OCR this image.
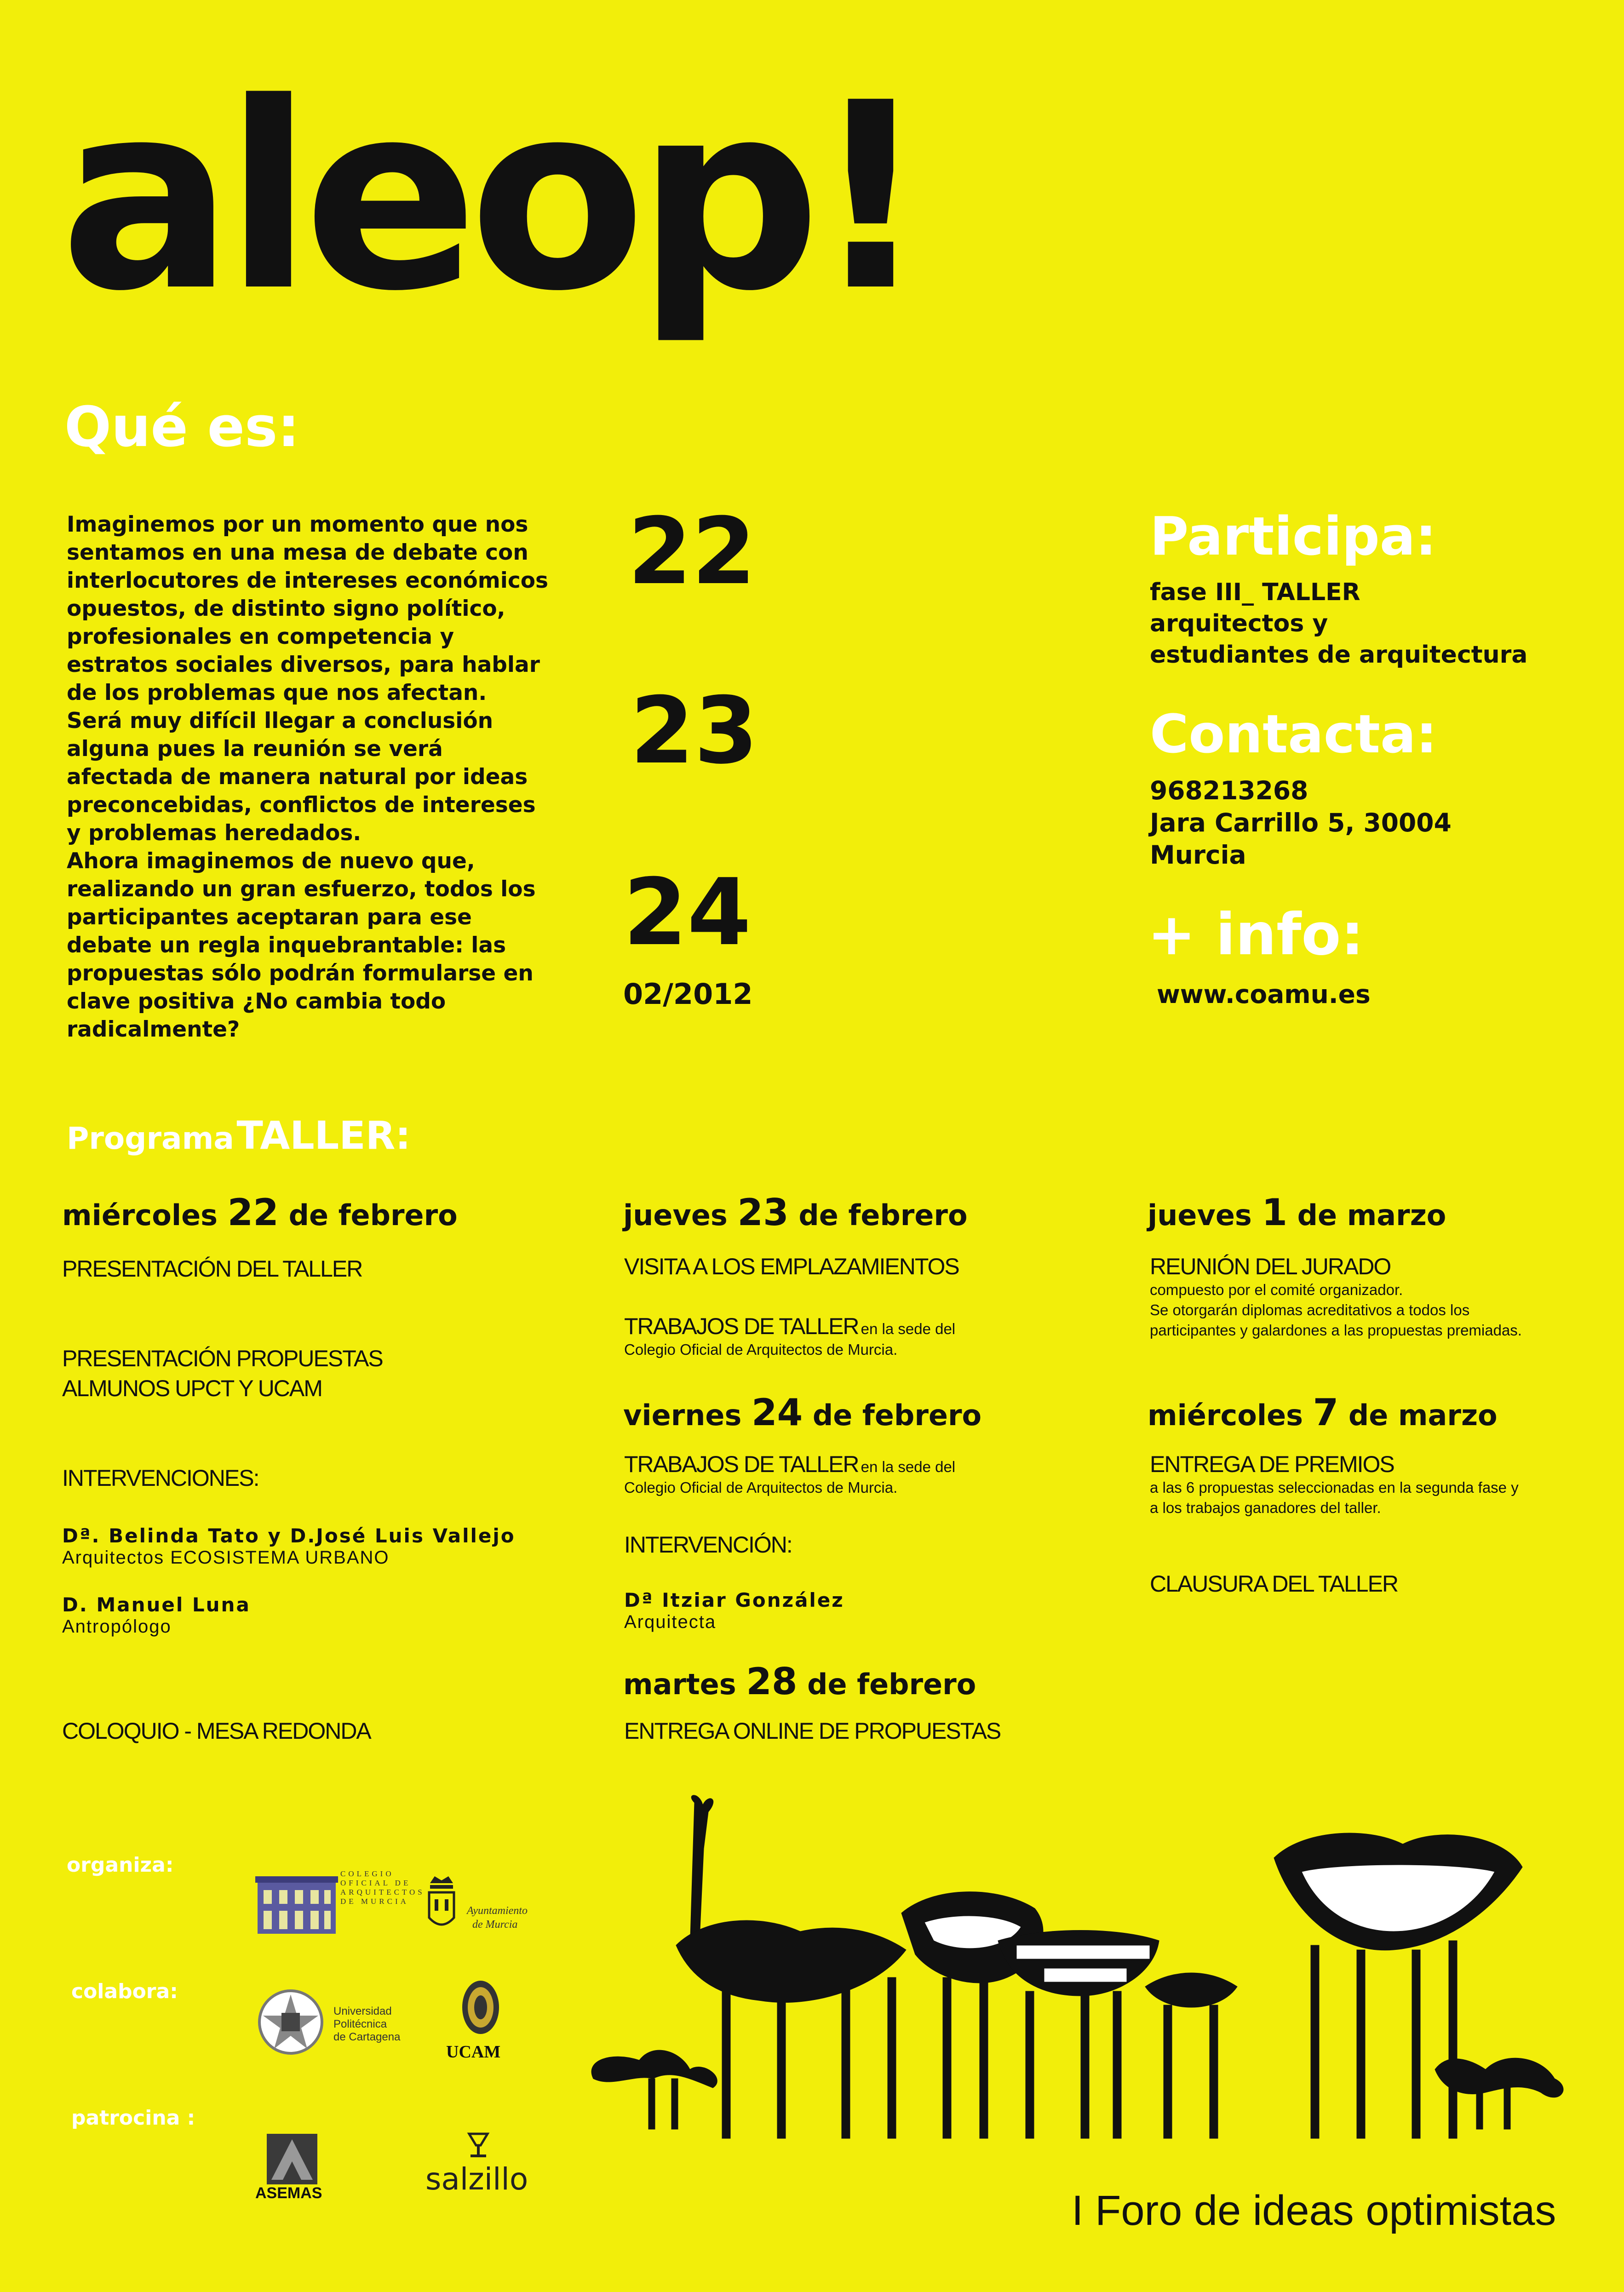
aleop!
Qué es:

Imaginemos por un momento que nos sentamos en una mesa de debate con interlocutores de intereses económicos opuestos, de distinto signo político, profesionales en competencia y estratos sociales diversos, para hablar de los problemas que nos afectan.

Será muy difícil llegar a conclusión alguna pues la reunión se verá afectada de manera natural por ideas preconcebidas, conflictos de intereses y problemas heredados.

Ahora imaginemos de nuevo que, realizando un gran esfuerzo, todos los participantes aceptaran para ese debate un regla inquebrantable: las propuestas sólo podrán formularse en clave positiva ¿No cambia todo radicalmente?

22
23
24
02/2012
Participa:

fase III_ TALLER

arquitectos y

estudiantes de arquitectura

Contacta:

968213268

Jara Carrillo 5, 30004

Murcia

+ info:
www.coamu.es
Programa TALLER:
miércoles 22 de febrero

PRESENTACIÓN DEL TALLER

PRESENTACIÓN PROPUESTAS

ALMUNOS UPCT Y UCAM

INTERVENCIONES:

Dª. Belinda Tato y D.José Luis Vallejo

Arquitectos ECOSISTEMA URBANO

D. Manuel Luna

Antropólogo

COLOQUIO - MESA REDONDA

jueves 23 de febrero

VISITA A LOS EMPLAZAMIENTOS

TRABAJOS DE TALLER en la sede del

Colegio Oficial de Arquitectos de Murcia.

viernes 24 de febrero
TRABAJOS DE TALLER en la sede del

Colegio Oficial de Arquitectos de Murcia.

INTERVENCIÓN:

Dª Itziar González

Arquitecta

martes 28 de febrero

ENTREGA ONLINE DE PROPUESTAS

jueves 1 de marzo

REUNIÓN DEL JURADO

compuesto por el comité organizador.

Se otorgarán diplomas acreditativos a todos los

participantes y galardones a las propuestas premiadas.

miércoles 7 de marzo

ENTREGA DE PREMIOS

a las 6 propuestas seleccionadas en la segunda fase y

a los trabajos ganadores del taller.

CLAUSURA DEL TALLER

organiza:
colabora:
patrocina :
COLEGIO
OFICIAL DE
ARQUITECTOS
DE MURCIA
Ayuntamiento
de Murcia
Universidad
Politécnica
de Cartagena
UCAM
ASEMAS	salzillo
I Foro de ideas optimistas
